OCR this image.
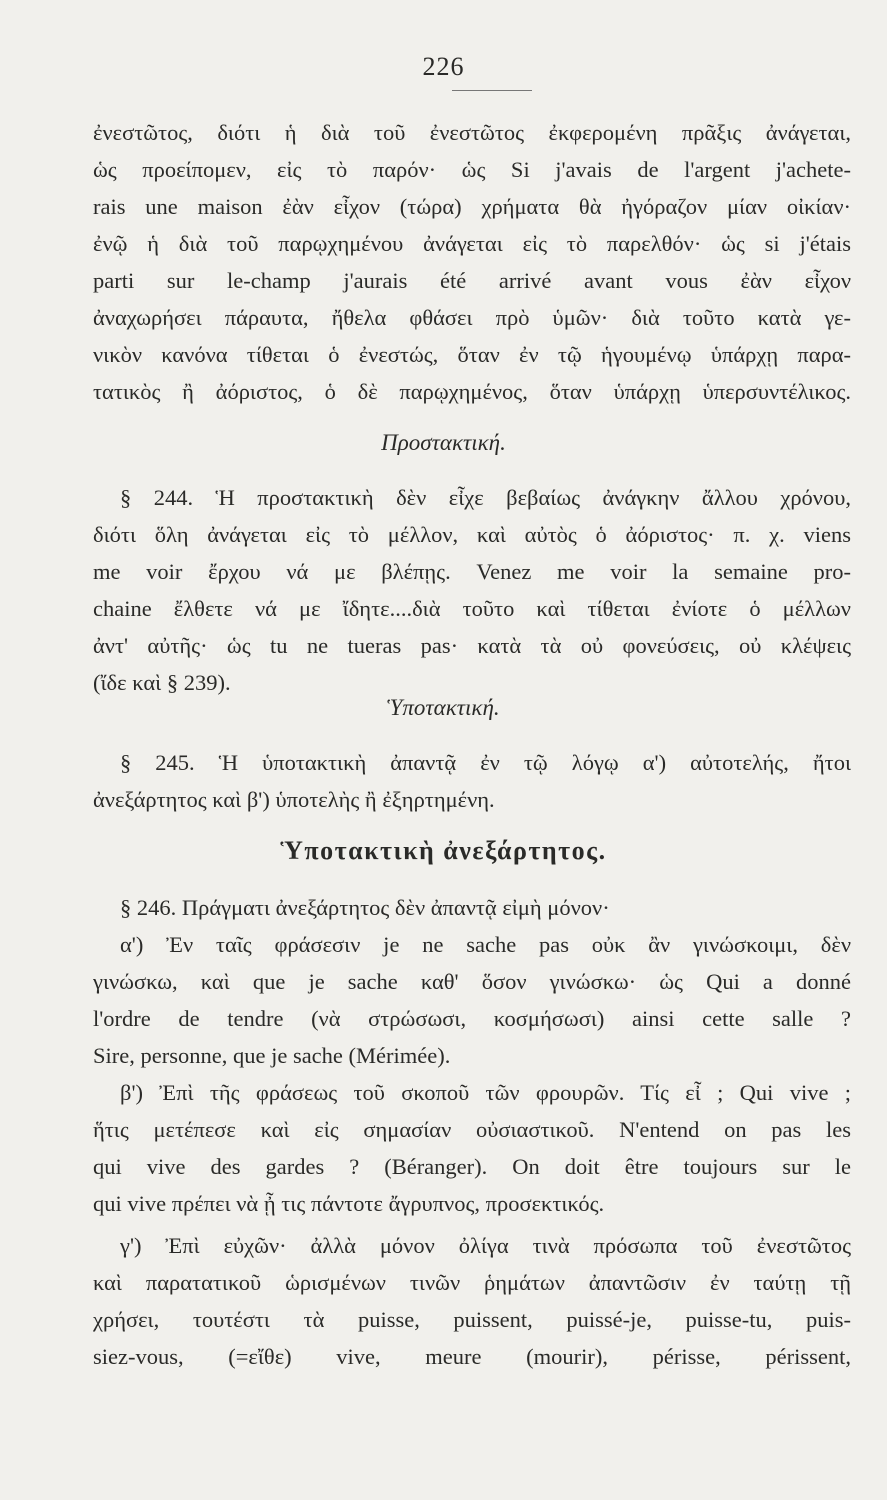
226
ἐνεστῶτος, διότι ἡ διὰ τοῦ ἐνεστῶτος ἐκφερομένη πρᾶξις ἀνάγεται,
ὡς προείπομεν, εἰς τὸ παρόν· ὡς Si j'avais de l'argent j'achete-
rais une maison ἐὰν εἶχον (τώρα) χρήματα θὰ ἠγόραζον μίαν οἰκίαν·
ἐνῷ ἡ διὰ τοῦ παρῳχημένου ἀνάγεται εἰς τὸ παρελθόν· ὡς si j'étais
parti sur le-champ j'aurais été arrivé avant vous ἐὰν εἶχον
ἀναχωρήσει πάραυτα, ἤθελα φθάσει πρὸ ὑμῶν· διὰ τοῦτο κατὰ γε-
νικὸν κανόνα τίθεται ὁ ἐνεστώς, ὅταν ἐν τῷ ἡγουμένῳ ὑπάρχῃ παρα-
τατικὸς ἢ ἀόριστος, ὁ δὲ παρῳχημένος, ὅταν ὑπάρχῃ ὑπερσυντέλικος.
Προστακτική.
§ 244. Ἡ προστακτικὴ δὲν εἶχε βεβαίως ἀνάγκην ἄλλου χρόνου,
διότι ὅλη ἀνάγεται εἰς τὸ μέλλον, καὶ αὐτὸς ὁ ἀόριστος· π. χ. viens
me voir ἔρχου νά με βλέπῃς. Venez me voir la semaine pro-
chaine ἔλθετε νά με ἴδητε....διὰ τοῦτο καὶ τίθεται ἐνίοτε ὁ μέλλων
ἀντ' αὐτῆς· ὡς tu ne tueras pas· κατὰ τὰ οὐ φονεύσεις, οὐ κλέψεις
(ἴδε καὶ § 239).
Ὑποτακτική.
§ 245. Ἡ ὑποτακτικὴ ἀπαντᾷ ἐν τῷ λόγῳ α') αὐτοτελής, ἤτοι
ἀνεξάρτητος καὶ β') ὑποτελὴς ἢ ἐξηρτημένη.
Ὑποτακτικὴ ἀνεξάρτητος.
§ 246. Πράγματι ἀνεξάρτητος δὲν ἀπαντᾷ εἰμὴ μόνον·
α') Ἐν ταῖς φράσεσιν je ne sache pas οὐκ ἂν γινώσκοιμι, δὲν
γινώσκω, καὶ que je sache καθ' ὅσον γινώσκω· ὡς Qui a donné
l'ordre de tendre (νὰ στρώσωσι, κοσμήσωσι) ainsi cette salle ?
Sire, personne, que je sache (Mérimée).
β') Ἐπὶ τῆς φράσεως τοῦ σκοποῦ τῶν φρουρῶν. Τίς εἶ ; Qui vive ;
ἥτις μετέπεσε καὶ εἰς σημασίαν οὐσιαστικοῦ. N'entend on pas les
qui vive des gardes ? (Béranger). On doit être toujours sur le
qui vive πρέπει νὰ ᾖ τις πάντοτε ἄγρυπνος, προσεκτικός.
γ') Ἐπὶ εὐχῶν· ἀλλὰ μόνον ὀλίγα τινὰ πρόσωπα τοῦ ἐνεστῶτος
καὶ παρατατικοῦ ὡρισμένων τινῶν ῥημάτων ἀπαντῶσιν ἐν ταύτῃ τῇ
χρήσει, τουτέστι τὰ puisse, puissent, puissé-je, puisse-tu, puis-
siez-vous, (=εἴθε) vive, meure (mourir), périsse, périssent,
